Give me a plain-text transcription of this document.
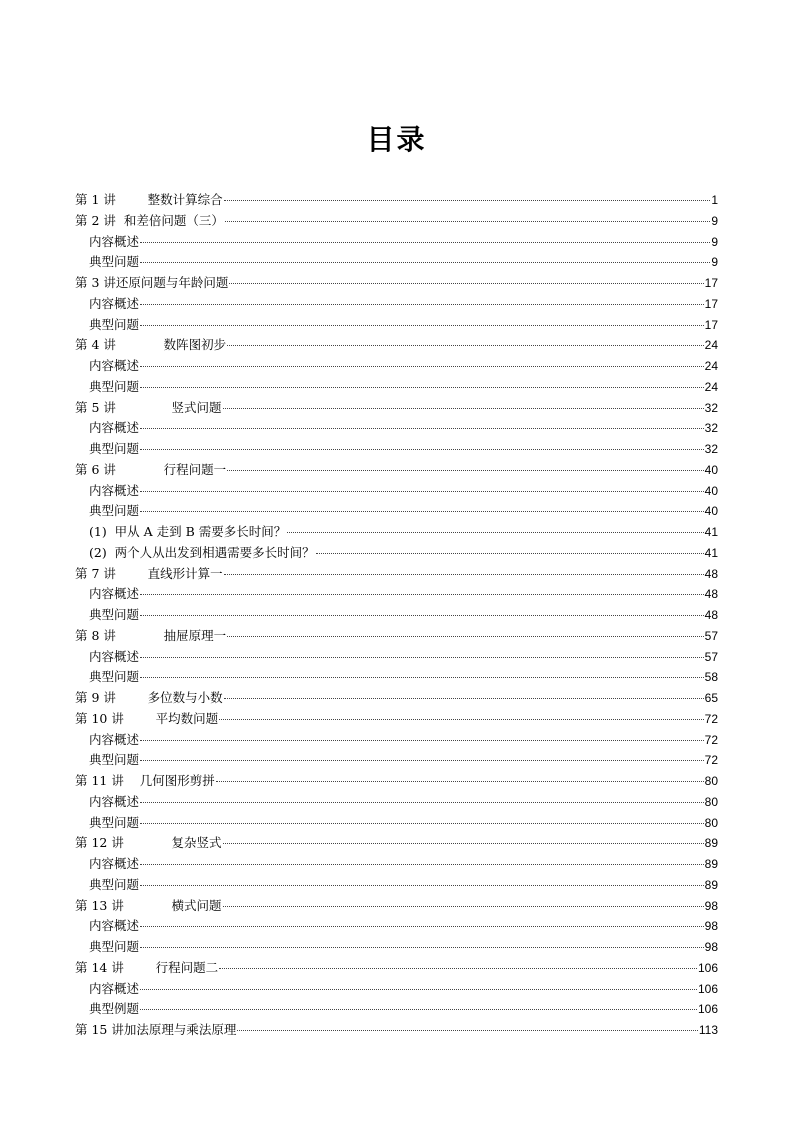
目录
第 1 讲        整数计算综合	1
第 2 讲  和差倍问题（三）	9
内容概述	9
典型问题	9
第 3 讲还原问题与年龄问题	17
内容概述	17
典型问题	17
第 4 讲            数阵图初步	24
内容概述	24
典型问题	24
第 5 讲              竖式问题	32
内容概述	32
典型问题	32
第 6 讲            行程问题一	40
内容概述	40
典型问题	40
(1)  甲从 A 走到 B 需要多长时间？	41
(2)  两个人从出发到相遇需要多长时间？	41
第 7 讲        直线形计算一	48
内容概述	48
典型问题	48
第 8 讲            抽屉原理一	57
内容概述	57
典型问题	58
第 9 讲        多位数与小数	65
第 10 讲        平均数问题	72
内容概述	72
典型问题	72
第 11 讲    几何图形剪拼	80
内容概述	80
典型问题	80
第 12 讲            复杂竖式	89
内容概述	89
典型问题	89
第 13 讲            横式问题	98
内容概述	98
典型问题	98
第 14 讲        行程问题二	106
内容概述	106
典型例题	106
第 15 讲加法原理与乘法原理	113
